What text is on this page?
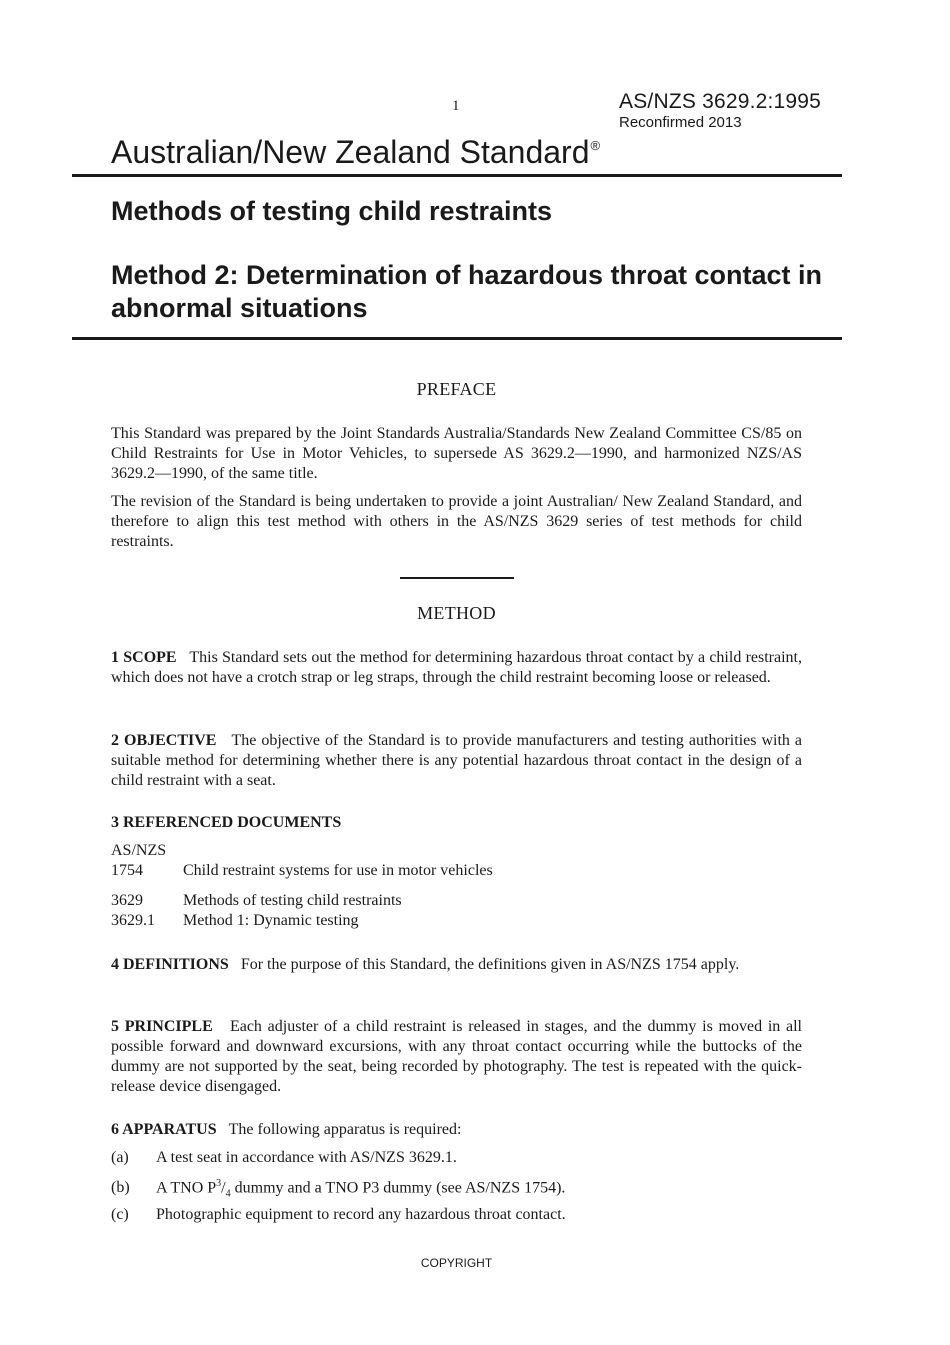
1	AS/NZS 3629.2:1995
Reconfirmed 2013
Australian/New Zealand Standard®
Methods of testing child restraints
Method 2: Determination of hazardous throat contact in abnormal situations
PREFACE
This Standard was prepared by the Joint Standards Australia/Standards New Zealand Committee CS/85 on Child Restraints for Use in Motor Vehicles, to supersede AS 3629.2—1990, and harmonized NZS/AS 3629.2—1990, of the same title.
The revision of the Standard is being undertaken to provide a joint Australian/ New Zealand Standard, and therefore to align this test method with others in the AS/NZS 3629 series of test methods for child restraints.
METHOD
1 SCOPE This Standard sets out the method for determining hazardous throat contact by a child restraint, which does not have a crotch strap or leg straps, through the child restraint becoming loose or released.
2 OBJECTIVE The objective of the Standard is to provide manufacturers and testing authorities with a suitable method for determining whether there is any potential hazardous throat contact in the design of a child restraint with a seat.
3 REFERENCED DOCUMENTS
AS/NZS
1754	Child restraint systems for use in motor vehicles
3629	Methods of testing child restraints
3629.1 Method 1: Dynamic testing
4 DEFINITIONS For the purpose of this Standard, the definitions given in AS/NZS 1754 apply.
5 PRINCIPLE Each adjuster of a child restraint is released in stages, and the dummy is moved in all possible forward and downward excursions, with any throat contact occurring while the buttocks of the dummy are not supported by the seat, being recorded by photography. The test is repeated with the quick-release device disengaged.
6 APPARATUS The following apparatus is required:
(a) A test seat in accordance with AS/NZS 3629.1.
(b) A TNO $P^3/_4$ dummy and a TNO P3 dummy (see AS/NZS 1754).
(c) Photographic equipment to record any hazardous throat contact.
COPYRIGHT
